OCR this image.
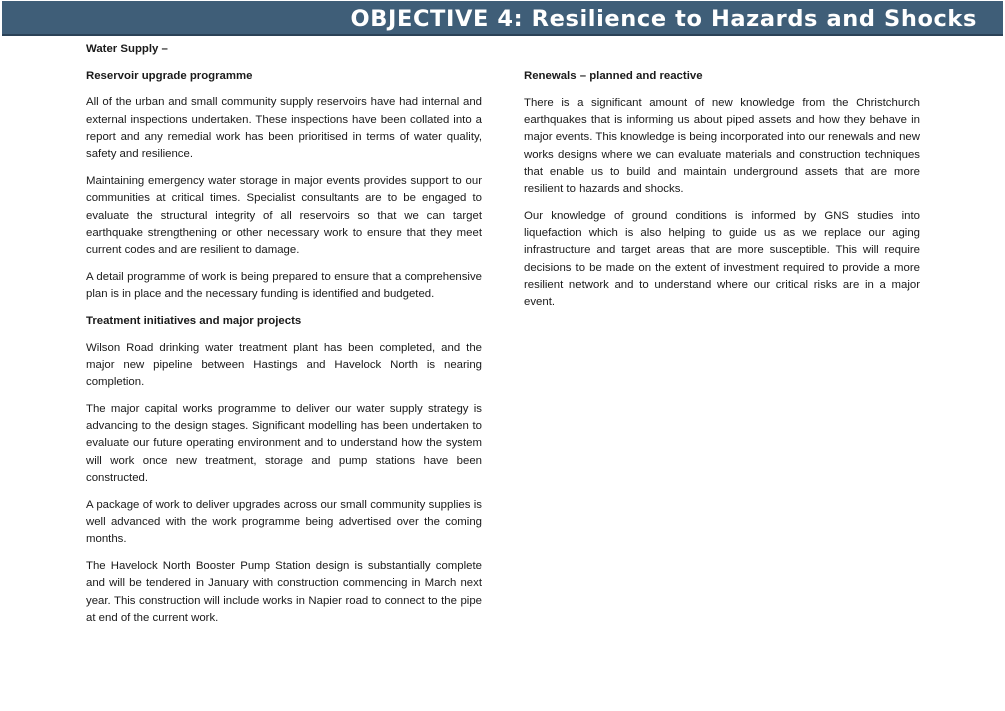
OBJECTIVE 4: Resilience to Hazards and Shocks
Water Supply –
Reservoir upgrade programme

All of the urban and small community supply reservoirs have had internal and external inspections undertaken. These inspections have been collated into a report and any remedial work has been prioritised in terms of water quality, safety and resilience.

Maintaining emergency water storage in major events provides support to our communities at critical times. Specialist consultants are to be engaged to evaluate the structural integrity of all reservoirs so that we can target earthquake strengthening or other necessary work to ensure that they meet current codes and are resilient to damage.

A detail programme of work is being prepared to ensure that a comprehensive plan is in place and the necessary funding is identified and budgeted.

Treatment initiatives and major projects

Wilson Road drinking water treatment plant has been completed, and the major new pipeline between Hastings and Havelock North is nearing completion.

The major capital works programme to deliver our water supply strategy is advancing to the design stages. Significant modelling has been undertaken to evaluate our future operating environment and to understand how the system will work once new treatment, storage and pump stations have been constructed.

A package of work to deliver upgrades across our small community supplies is well advanced with the work programme being advertised over the coming months.

The Havelock North Booster Pump Station design is substantially complete and will be tendered in January with construction commencing in March next year. This construction will include works in Napier road to connect to the pipe at end of the current work.

Renewals – planned and reactive

There is a significant amount of new knowledge from the Christchurch earthquakes that is informing us about piped assets and how they behave in major events. This knowledge is being incorporated into our renewals and new works designs where we can evaluate materials and construction techniques that enable us to build and maintain underground assets that are more resilient to hazards and shocks.

Our knowledge of ground conditions is informed by GNS studies into liquefaction which is also helping to guide us as we replace our aging infrastructure and target areas that are more susceptible. This will require decisions to be made on the extent of investment required to provide a more resilient network and to understand where our critical risks are in a major event.
